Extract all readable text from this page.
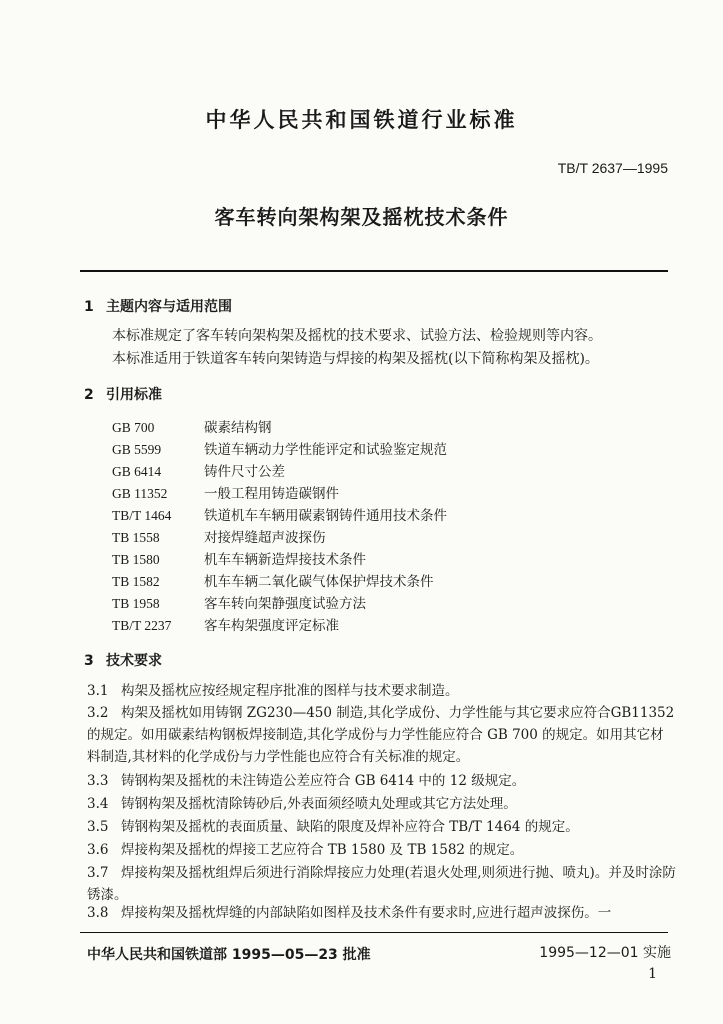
中华人民共和国铁道行业标准
TB/T 2637—1995
客车转向架构架及摇枕技术条件
1 主题内容与适用范围
本标准规定了客车转向架构架及摇枕的技术要求、试验方法、检验规则等内容。
本标准适用于铁道客车转向架铸造与焊接的构架及摇枕(以下简称构架及摇枕)。
2 引用标准
GB 700	碳素结构钢
GB 5599	铁道车辆动力学性能评定和试验鉴定规范
GB 6414	铸件尺寸公差
GB 11352	一般工程用铸造碳钢件
TB/T 1464 铁道机车车辆用碳素钢铸件通用技术条件
TB 1558	对接焊缝超声波探伤
TB 1580	机车车辆新造焊接技术条件
TB 1582	机车车辆二氧化碳气体保护焊技术条件
TB 1958	客车转向架静强度试验方法
TB/T 2237 客车构架强度评定标准
3 技术要求
3.1 构架及摇枕应按经规定程序批准的图样与技术要求制造。
3.2 构架及摇枕如用铸钢 ZG230—450 制造,其化学成份、力学性能与其它要求应符合GB11352 的规定。如用碳素结构钢板焊接制造,其化学成份与力学性能应符合 GB 700 的规定。如用其它材料制造,其材料的化学成份与力学性能也应符合有关标准的规定。
3.3 铸钢构架及摇枕的未注铸造公差应符合 GB 6414 中的 12 级规定。
3.4 铸钢构架及摇枕清除铸砂后,外表面须经喷丸处理或其它方法处理。
3.5 铸钢构架及摇枕的表面质量、缺陷的限度及焊补应符合 TB/T 1464 的规定。
3.6 焊接构架及摇枕的焊接工艺应符合 TB 1580 及 TB 1582 的规定。
3.7 焊接构架及摇枕组焊后须进行消除焊接应力处理(若退火处理,则须进行抛、喷丸)。并及时涂防锈漆。
3.8 焊接构架及摇枕焊缝的内部缺陷如图样及技术条件有要求时,应进行超声波探伤。一
中华人民共和国铁道部 1995—05—23 批准	1995—12—01 实施
1
